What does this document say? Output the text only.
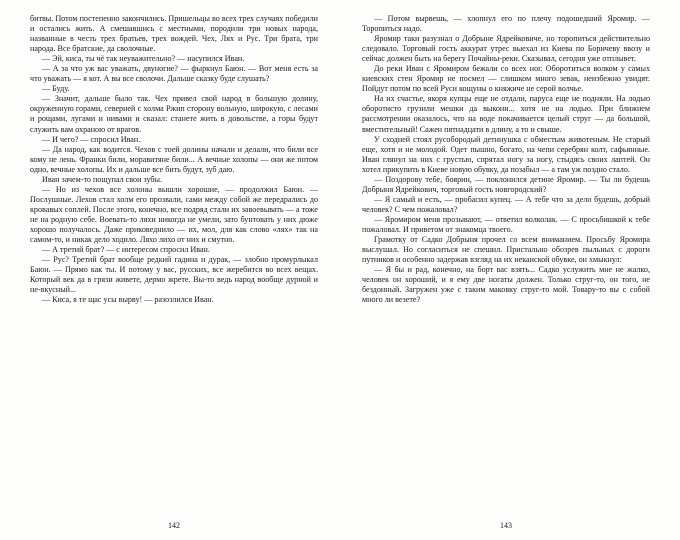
битвы. Потом постепенно закончились. Пришельцы во всех трех случаях победили и остались жить. А смешавшись с местными, породили три новых народа, названные в честь трех братьев, трех вождей. Чех, Лях и Рус. Три брата, три народа. Все братские, да сволочные.

— Эй, киса, ты чё так неуважительно? — насупился Иван.

— А за что уж вас уважать, двуногие? — фыркнул Баюн. — Вот меня есть за что уважать — я кот. А вы все сволочи. Дальше сказку буде слушать?

— Буду.

— Значит, дальше было так. Чех привел свой народ в большую долину, окруженную горами, северней с холма Ржип сторону вольную, широкую, с лесами и рощами, лугами и нивами и сказал: станете жить в довольстве, а горы будут служить вам охраною от врагов.

— И чего? — спросил Иван.

— Да народ, как водится. Чехов с тоей долины начали и делали, что били все кому не лень. Франки били, моравитяне били... А вечные холопы — они же потом одно, вечные холопы. Их и дальше все бить будут, зуб даю.

Иван зачем-то пощупал свои зубы.

— Но из чехов все холоны вышли хорошие, — продолжил Баюн. — Послушные. Лехов стал холм его прозвали, сами между собой же передрались до кровавых соплей. После этого, конечно, все подряд стали их завоевывать — а тоже не на родную себе. Воевать-то ляхи никогда не умели, зато бунтовать у них дюже хорошо получалось. Даже приковеднило — их, мол, для как слово «лях» так на самом-то, и никак дело ходило. Ляхо лихо от них и смутно.

— А третий брат? — с интересом спросил Иван.

— Рус? Третий брат вообще редкий гадина и дурак, — злобно промурлыкал Баюн. — Прямо как ты. И потому у вас, русских, все жеребится во всех вещах. Который век да в грязи живете, дермо жрете. Вы-то ведь народ вообще дурной и не-вкусный...

— Киса, я те щас усы вырву! — разозлился Иван.

142

— Потом вырвешь, — хлопнул его по плечу подошедший Яромир. — Торопиться надо.

Яромир таки разузнал о Добрыне Ядрейковиче, но торопиться действительно следовало. Торговый гость аккурат утрес выехал из Киева по Боричеву ввозу и сейчас должен быть на берегу Почайны-реки. Сказывал, сегодня уже отплывет.

До реки Иван с Яромиром бежали со всех ног. Оборотиться волком у самых киевских стен Яромир не посмел — слишком много зевак, неизбежно увидят. Пойдут потом по всей Руси кощуны о княжиче не серой волчье.

На их счастье, якоря купцы еще не отдали, паруса еще не подняли. На лодью оборотисто грузили мешки да выкони... хотя не на лодью. При ближнем рассмотрении оказалось, что на воде покачивается целый струг — да большой, вместительный! Сажен пятнадцати в длину, а то и свыше.

У сходней стоял русобородый детинушка с обместым животеным. Не старый еще, хотя и не молодой. Одет пышно, богато, на чепи серебрян колт, сафьянные. Иван глянул на них с грустью, спрятал ногу за ногу, стыдясь своих лаптей. Он хотел прикупить в Киеве новую обувку, да позабыл — а там уж поздно стало.

— Поздорову тебе, боярин, — поклонился детине Яромир. — Ты ли будешь Добрыня Ядрейкович, торговый гость новгородский?

— Я самый и есть, — пробасил купец. — А тебе что за дело будешь, добрый человек? С чем пожаловал?

— Яромиром меня прозывают, — ответил волколак. — С просьбишкой к тебе пожаловал. И приветом от знакомца твоего.

Грамотку от Садко Добрыня прочел со всем вниманием. Просьбу Яромира выслушал. Но согласиться не спешил. Пристально обозрев пыльных с дороги путников и особенно задержав взгляд на их некаиской обувке, он хмыкнул:

— Я бы и рад, конечно, на борт вас взять... Садко услужить мне не жалко, человек он хороший, и я ему две ногаты должен. Только струг-то, он того, не бездонный. Загружен уже с таким маковку струг-то мой. Товару-то вы с собой много ли везете?

143
